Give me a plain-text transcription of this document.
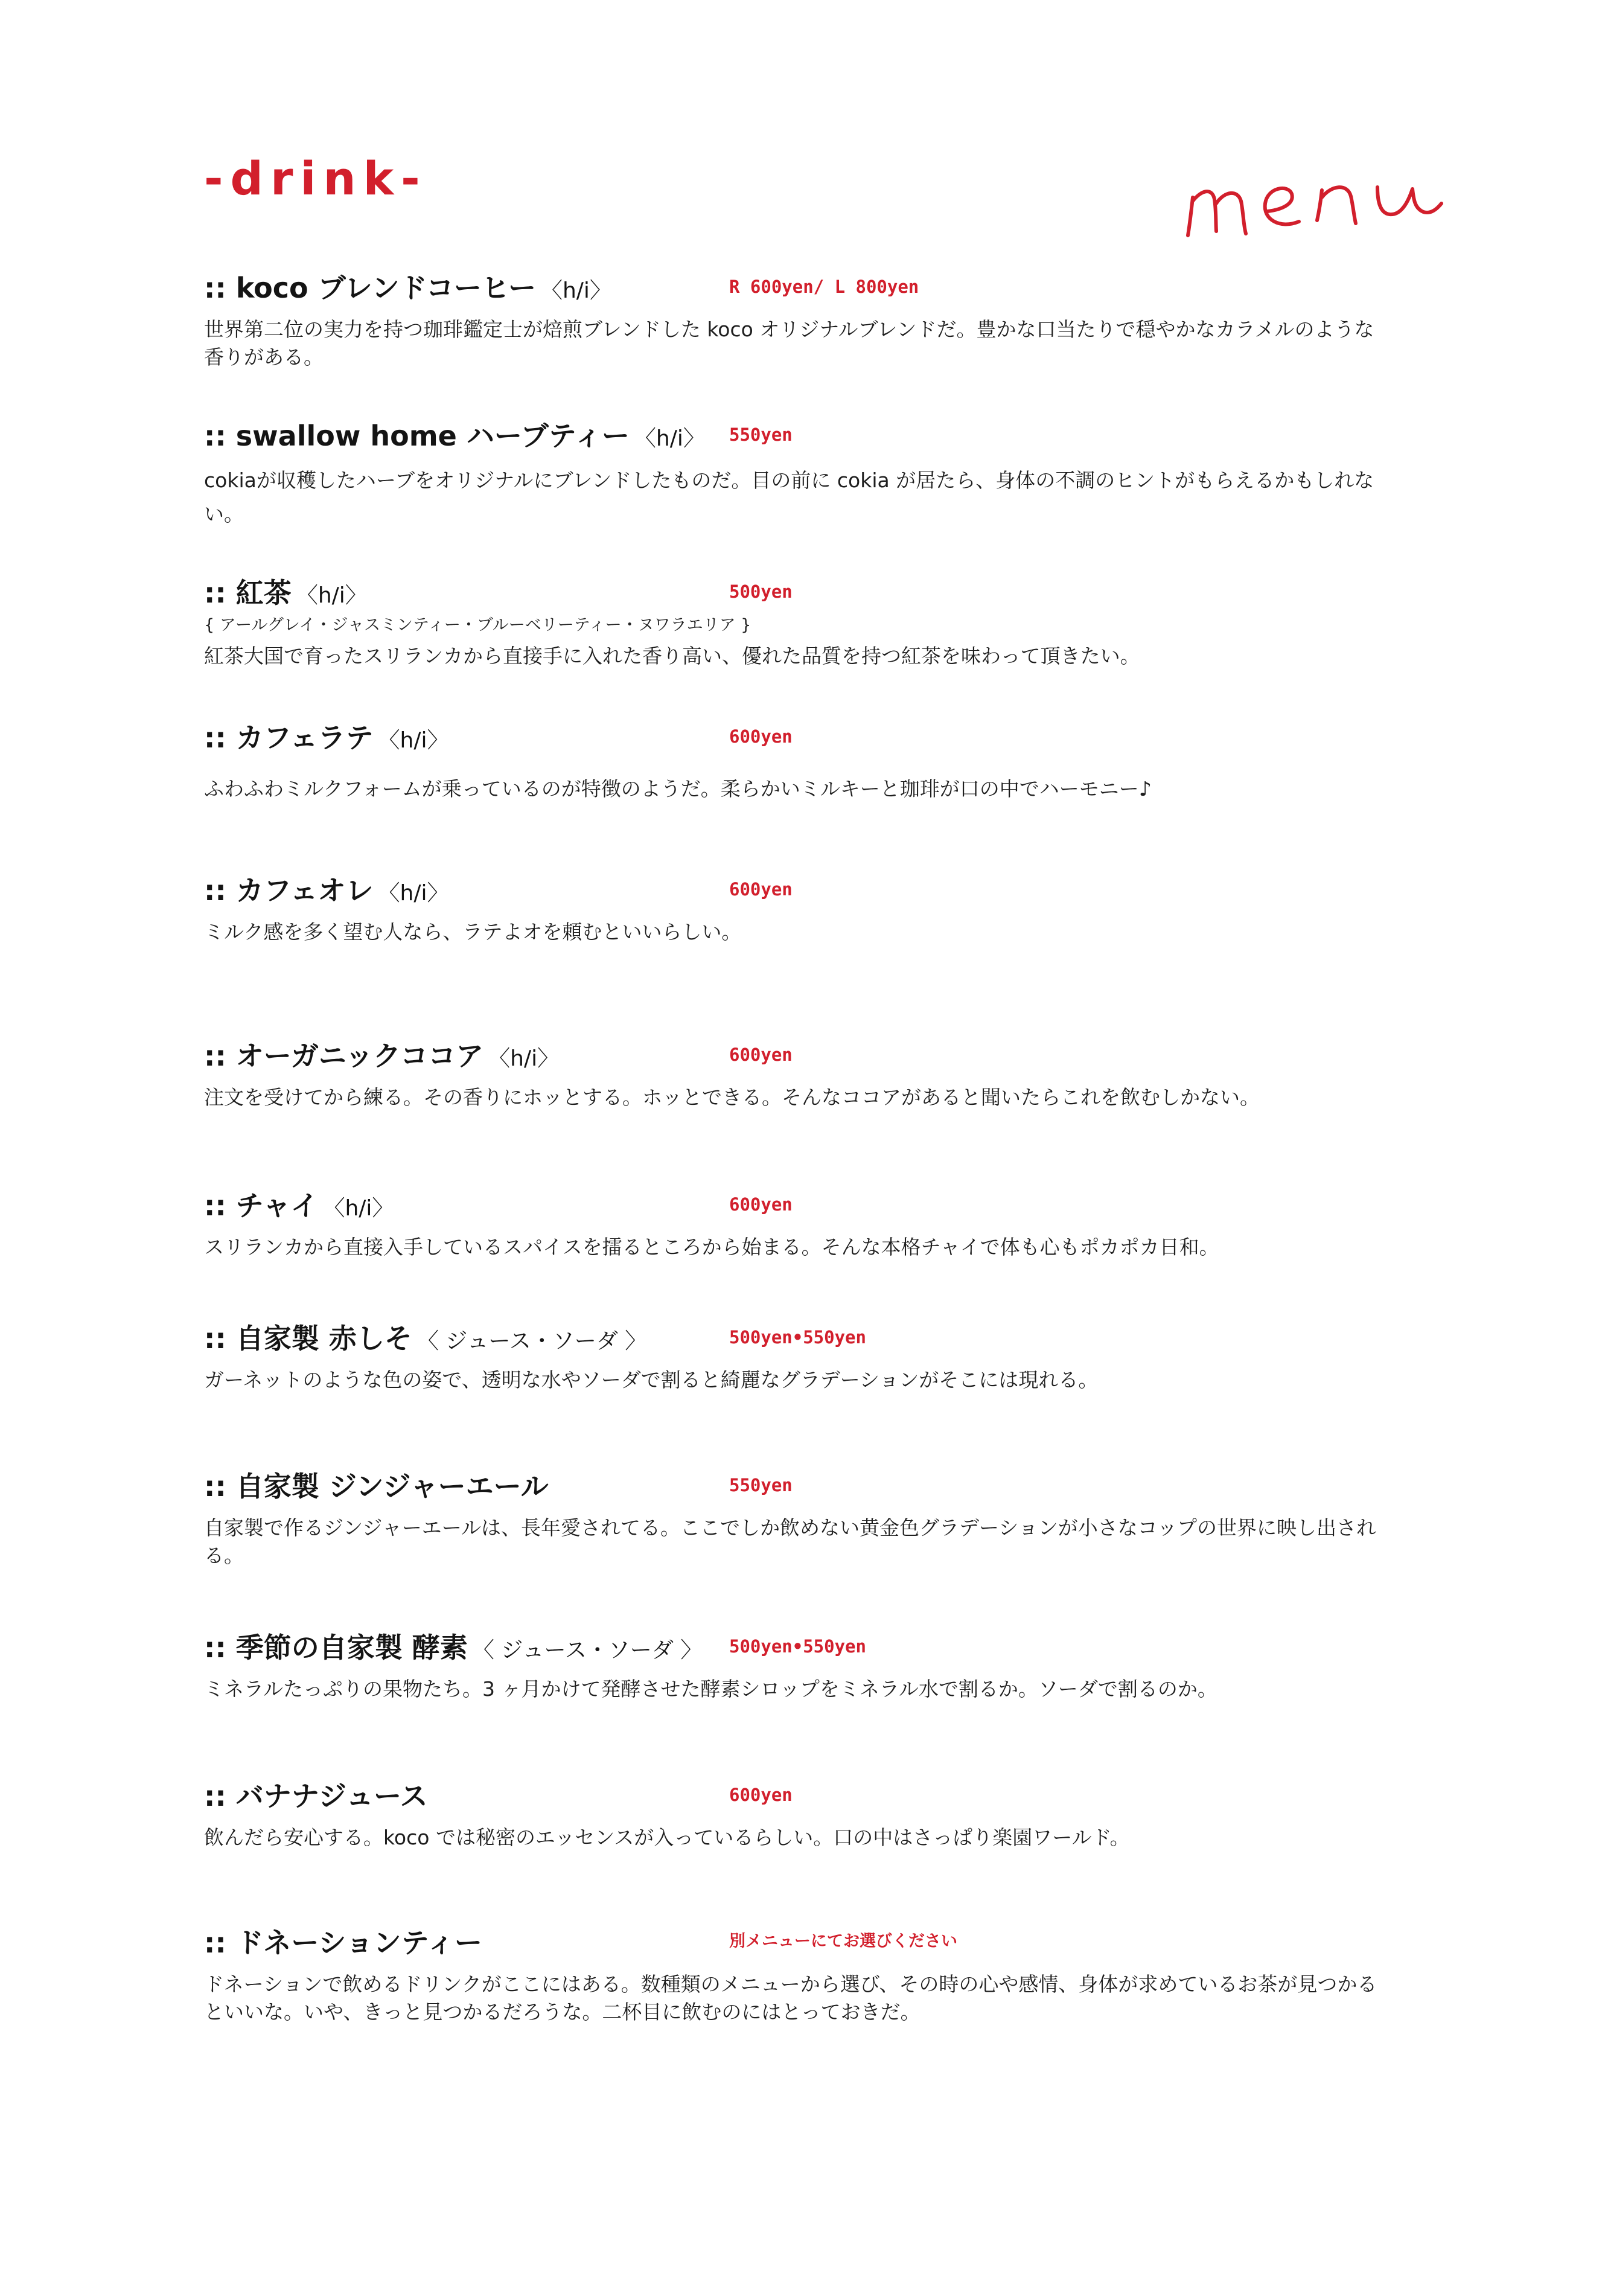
-drink-
:: koco ブレンドコーヒー 〈h/i〉	R 600yen/ L 800yen

世界第二位の実力を持つ珈琲鑑定士が焙煎ブレンドした koco オリジナルブレンドだ。豊かな口当たりで穏やかなカラメルのような香りがある。

:: swallow home ハーブティー 〈h/i〉 550yen

cokiaが収穫したハーブをオリジナルにブレンドしたものだ。目の前に cokia が居たら、身体の不調のヒントがもらえるかもしれない。

:: 紅茶 〈h/i〉	500yen
{ アールグレイ・ジャスミンティー・ブルーベリーティー・ヌワラエリア }

紅茶大国で育ったスリランカから直接手に入れた香り高い、優れた品質を持つ紅茶を味わって頂きたい。

:: カフェラテ 〈h/i〉	600yen

ふわふわミルクフォームが乗っているのが特徴のようだ。柔らかいミルキーと珈琲が口の中でハーモニー♪

:: カフェオレ 〈h/i〉	600yen

ミルク感を多く望む人なら、ラテよオを頼むといいらしい。

:: オーガニックココア 〈h/i〉	600yen

注文を受けてから練る。その香りにホッとする。ホッとできる。そんなココアがあると聞いたらこれを飲むしかない。

:: チャイ 〈h/i〉	600yen

スリランカから直接入手しているスパイスを擂るところから始まる。そんな本格チャイで体も心もポカポカ日和。

:: 自家製 赤しそ 〈 ジュース・ソーダ 〉	500yen•550yen

ガーネットのような色の姿で、透明な水やソーダで割ると綺麗なグラデーションがそこには現れる。

:: 自家製 ジンジャーエール	550yen

自家製で作るジンジャーエールは、長年愛されてる。ここでしか飲めない黄金色グラデーションが小さなコップの世界に映し出される。

:: 季節の自家製 酵素 〈 ジュース・ソーダ 〉 500yen•550yen

ミネラルたっぷりの果物たち。3 ヶ月かけて発酵させた酵素シロップをミネラル水で割るか。ソーダで割るのか。

:: バナナジュース	600yen

飲んだら安心する。koco では秘密のエッセンスが入っているらしい。口の中はさっぱり楽園ワールド。

:: ドネーションティー	別メニューにてお選びください

ドネーションで飲めるドリンクがここにはある。数種類のメニューから選び、その時の心や感情、身体が求めているお茶が見つかるといいな。いや、きっと見つかるだろうな。二杯目に飲むのにはとっておきだ。
